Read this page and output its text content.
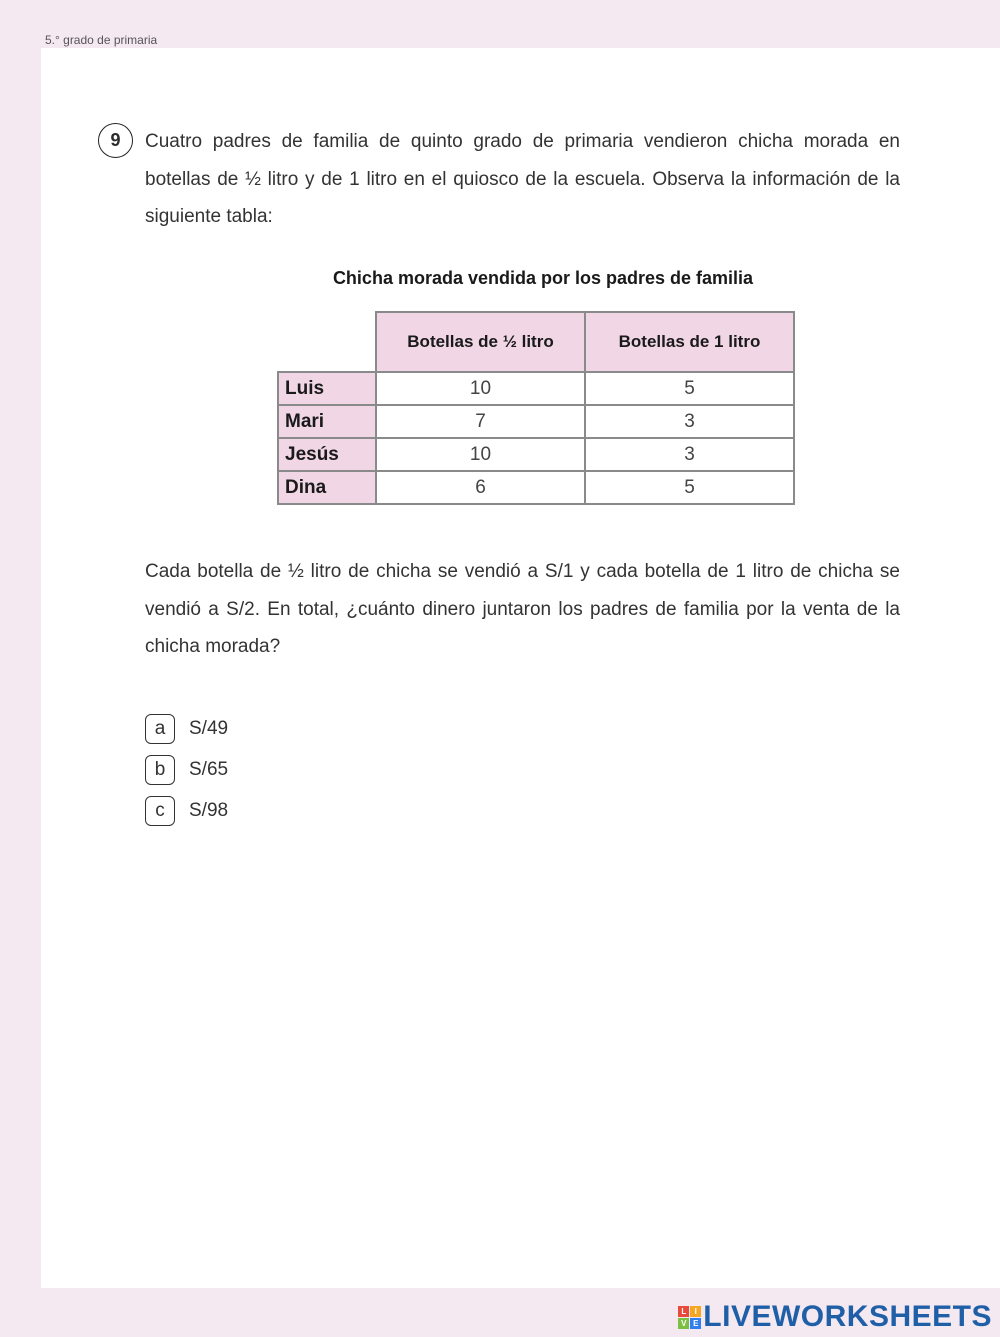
5.° grado de primaria
9	Cuatro padres de familia de quinto grado de primaria vendieron chicha morada en botellas de ½ litro y de 1 litro en el quiosco de la escuela. Observa la información de la siguiente tabla:
Chicha morada vendida por los padres de familia
	Botellas de ½ litro	Botellas de 1 litro
Luis	10	5
Mari	7	3
Jesús	10	3
Dina	6	5
Cada botella de ½ litro de chicha se vendió a S/1 y cada botella de 1 litro de chicha se vendió a S/2. En total, ¿cuánto dinero juntaron los padres de familia por la venta de la chicha morada?
a	S/49
b	S/65
c	S/98
L	I
V E LIVEWORKSHEETS
